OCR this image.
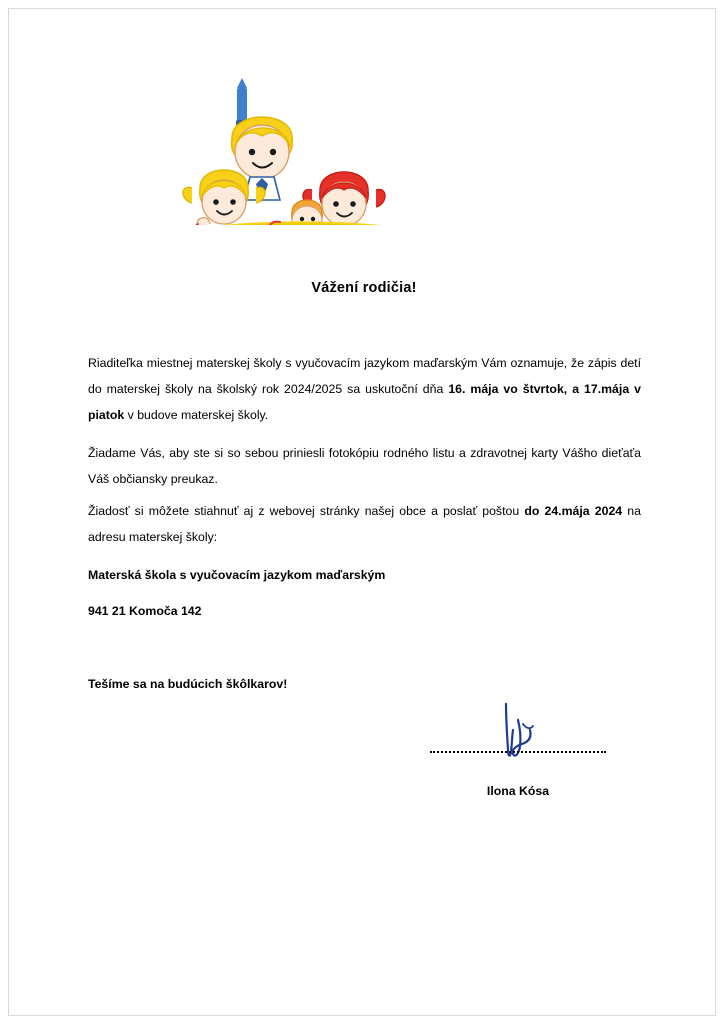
Vážení rodičia!
Riaditeľka miestnej materskej školy s vyučovacím jazykom maďarským Vám oznamuje, že zápis detí do materskej školy na školský rok 2024/2025 sa uskutoční dňa 16. mája vo štvrtok, a 17.mája v piatok v budove materskej školy.
Žiadame Vás, aby ste si so sebou priniesli fotokópiu rodného listu a zdravotnej karty Vášho dieťaťa Váš občiansky preukaz.
Žiadosť si môžete stiahnuť aj z webovej stránky našej obce a poslať poštou do 24.mája 2024 na adresu materskej školy:
Materská škola s vyučovacím jazykom maďarským
941 21 Komoča 142
Tešíme sa na budúcich škôlkarov!
Ilona Kósa
